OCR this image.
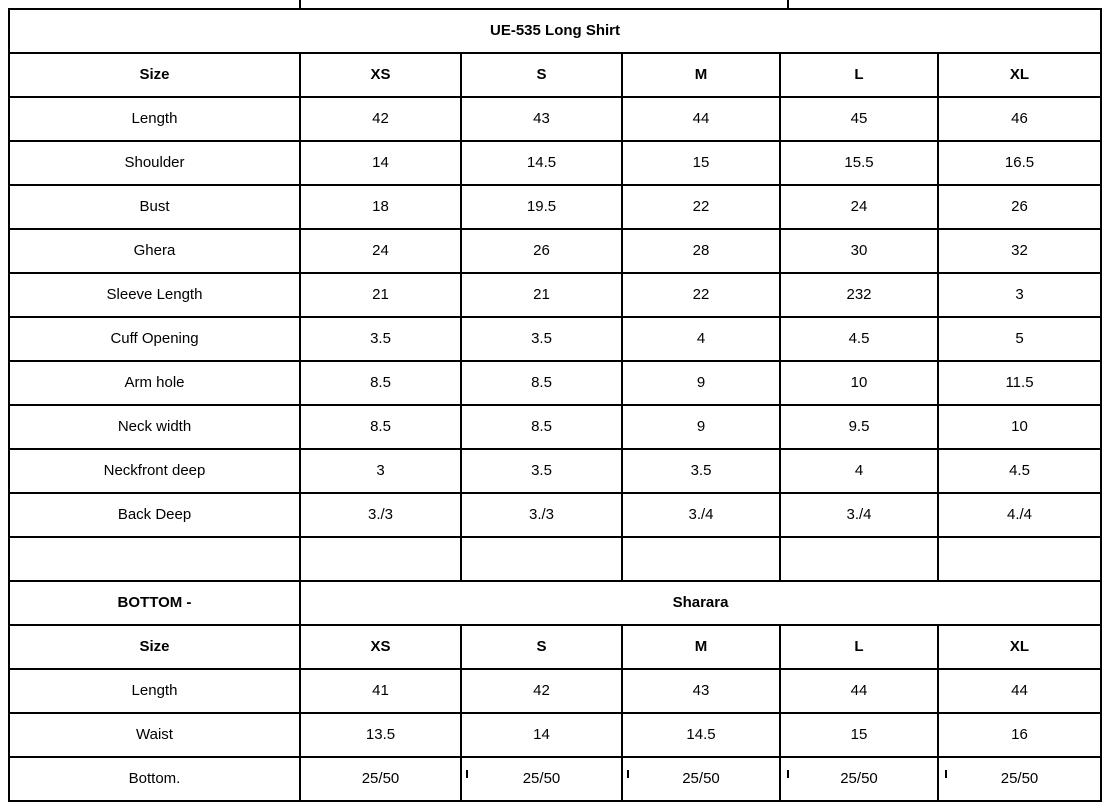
UE-535 Long Shirt					
Size	XS	S	M	L	XL
Length	42	43	44	45	46
Shoulder	14	14.5	15	15.5	16.5
Bust	18	19.5	22	24	26
Ghera	24	26	28	30	32
Sleeve Length	21	21	22	232	3
Cuff Opening	3.5	3.5	4	4.5	5
Arm hole	8.5	8.5	9	10	11.5
Neck width	8.5	8.5	9	9.5	10
Neckfront deep	3	3.5	3.5	4	4.5
Back Deep	3./3	3./3	3./4	3./4	4./4

BOTTOM -	Sharara				
Size	XS	S	M	L	XL
Length	41	42	43	44	44
Waist	13.5	14	14.5	15	16
Bottom.	25/50	25/50	25/50	25/50	25/50
